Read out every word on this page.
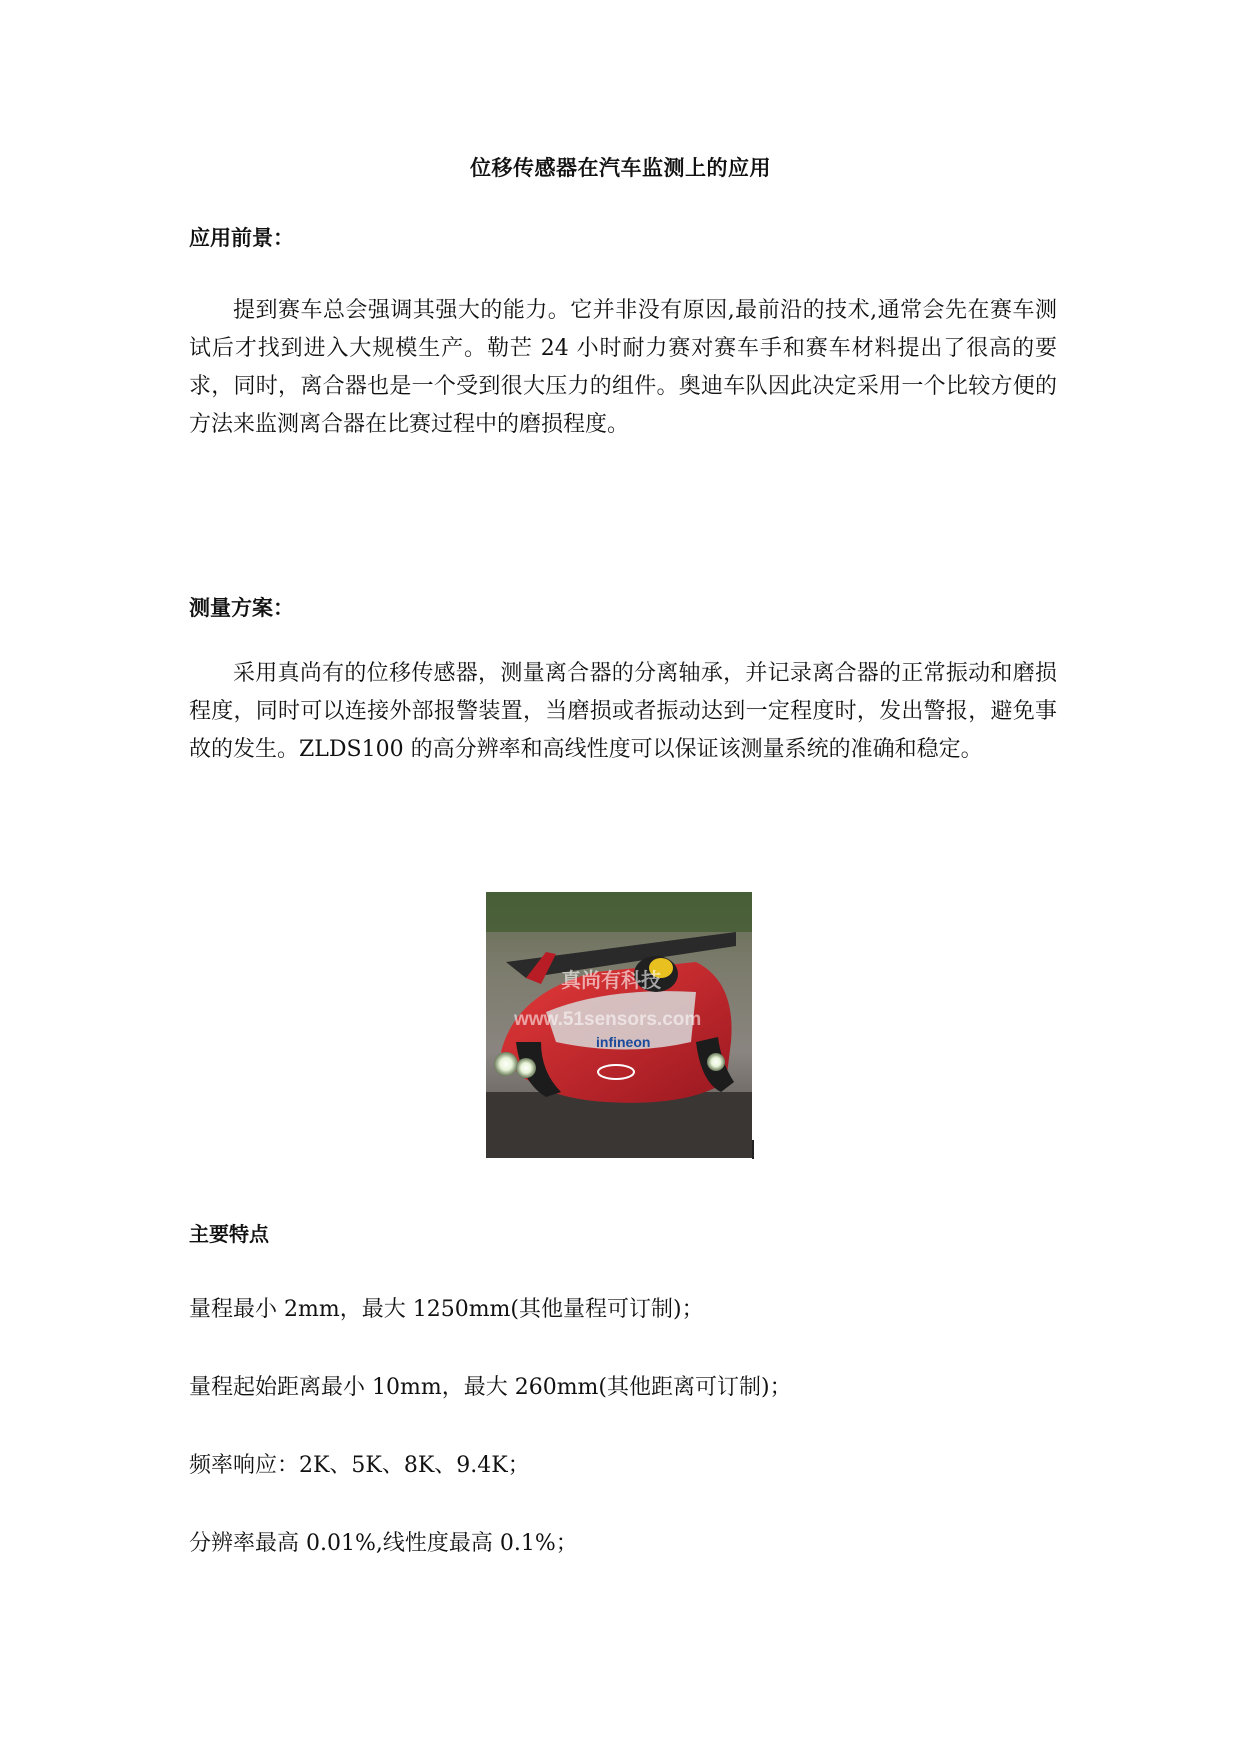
位移传感器在汽车监测上的应用
应用前景：
提到赛车总会强调其强大的能力。它并非没有原因,最前沿的技术,通常会先在赛车测试后才找到进入大规模生产。勒芒 24 小时耐力赛对赛车手和赛车材料提出了很高的要求，同时，离合器也是一个受到很大压力的组件。奥迪车队因此决定采用一个比较方便的方法来监测离合器在比赛过程中的磨损程度。
测量方案：
采用真尚有的位移传感器，测量离合器的分离轴承，并记录离合器的正常振动和磨损程度，同时可以连接外部报警装置，当磨损或者振动达到一定程度时，发出警报，避免事故的发生。ZLDS100 的高分辨率和高线性度可以保证该测量系统的准确和稳定。
infineon
真尚有科技
www.51sensors.com
主要特点
量程最小 2mm，最大 1250mm(其他量程可订制)；
量程起始距离最小 10mm，最大 260mm(其他距离可订制)；
频率响应：2K、5K、8K、9.4K；
分辨率最高 0.01%,线性度最高 0.1%；
